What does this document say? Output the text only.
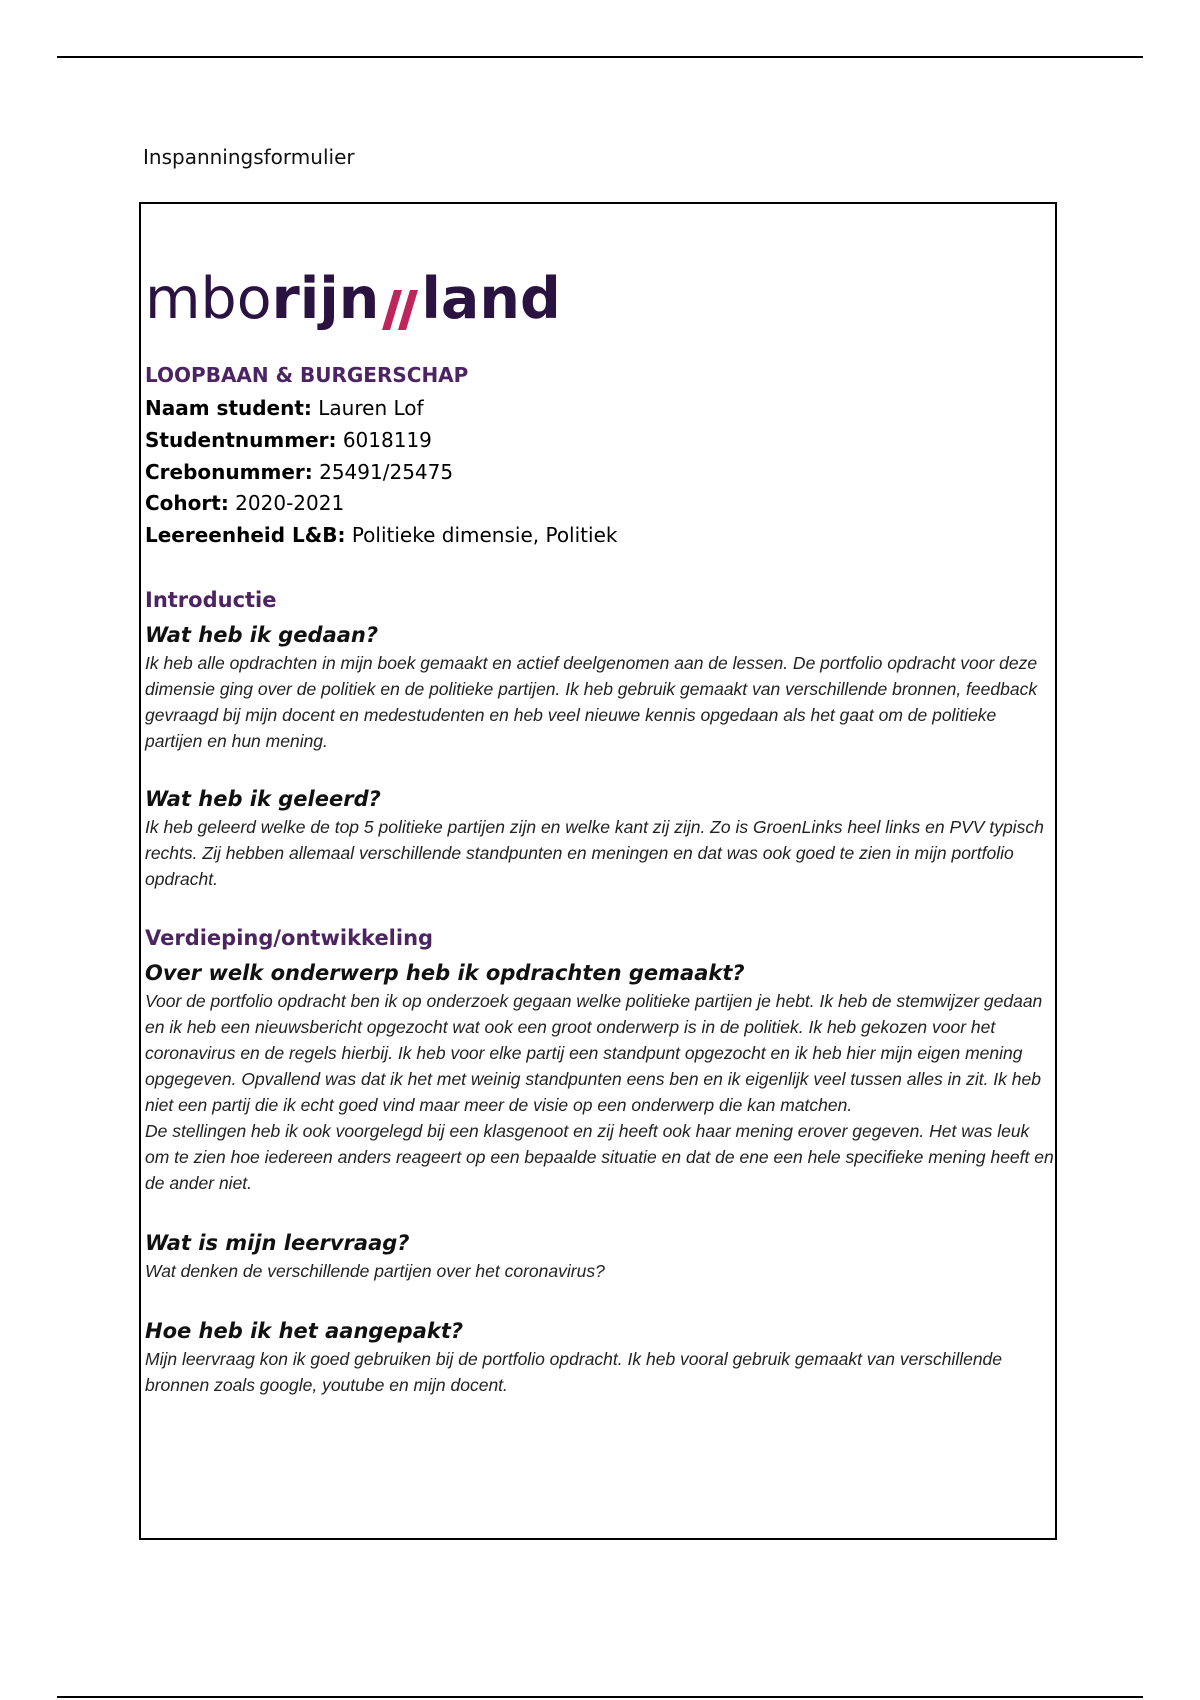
Inspanningsformulier
mbo rijn land

LOOPBAAN & BURGERSCHAP

Naam student: Lauren Lof

Studentnummer: 6018119

Crebonummer: 25491/25475

Cohort: 2020-2021

Leereenheid L&B: Politieke dimensie, Politiek

Introductie

Wat heb ik gedaan?

Ik heb alle opdrachten in mijn boek gemaakt en actief deelgenomen aan de lessen. De portfolio opdracht voor deze dimensie ging over de politiek en de politieke partijen. Ik heb gebruik gemaakt van verschillende bronnen, feedback gevraagd bij mijn docent en medestudenten en heb veel nieuwe kennis opgedaan als het gaat om de politieke partijen en hun mening.

Wat heb ik geleerd?

Ik heb geleerd welke de top 5 politieke partijen zijn en welke kant zij zijn. Zo is GroenLinks heel links en PVV typisch rechts. Zij hebben allemaal verschillende standpunten en meningen en dat was ook goed te zien in mijn portfolio opdracht.

Verdieping/ontwikkeling

Over welk onderwerp heb ik opdrachten gemaakt?

Voor de portfolio opdracht ben ik op onderzoek gegaan welke politieke partijen je hebt. Ik heb de stemwijzer gedaan en ik heb een nieuwsbericht opgezocht wat ook een groot onderwerp is in de politiek. Ik heb gekozen voor het coronavirus en de regels hierbij. Ik heb voor elke partij een standpunt opgezocht en ik heb hier mijn eigen mening opgegeven. Opvallend was dat ik het met weinig standpunten eens ben en ik eigenlijk veel tussen alles in zit. Ik heb niet een partij die ik echt goed vind maar meer de visie op een onderwerp die kan matchen.

De stellingen heb ik ook voorgelegd bij een klasgenoot en zij heeft ook haar mening erover gegeven. Het was leuk om te zien hoe iedereen anders reageert op een bepaalde situatie en dat de ene een hele specifieke mening heeft en de ander niet.

Wat is mijn leervraag?

Wat denken de verschillende partijen over het coronavirus?

Hoe heb ik het aangepakt?

Mijn leervraag kon ik goed gebruiken bij de portfolio opdracht. Ik heb vooral gebruik gemaakt van verschillende bronnen zoals google, youtube en mijn docent.
